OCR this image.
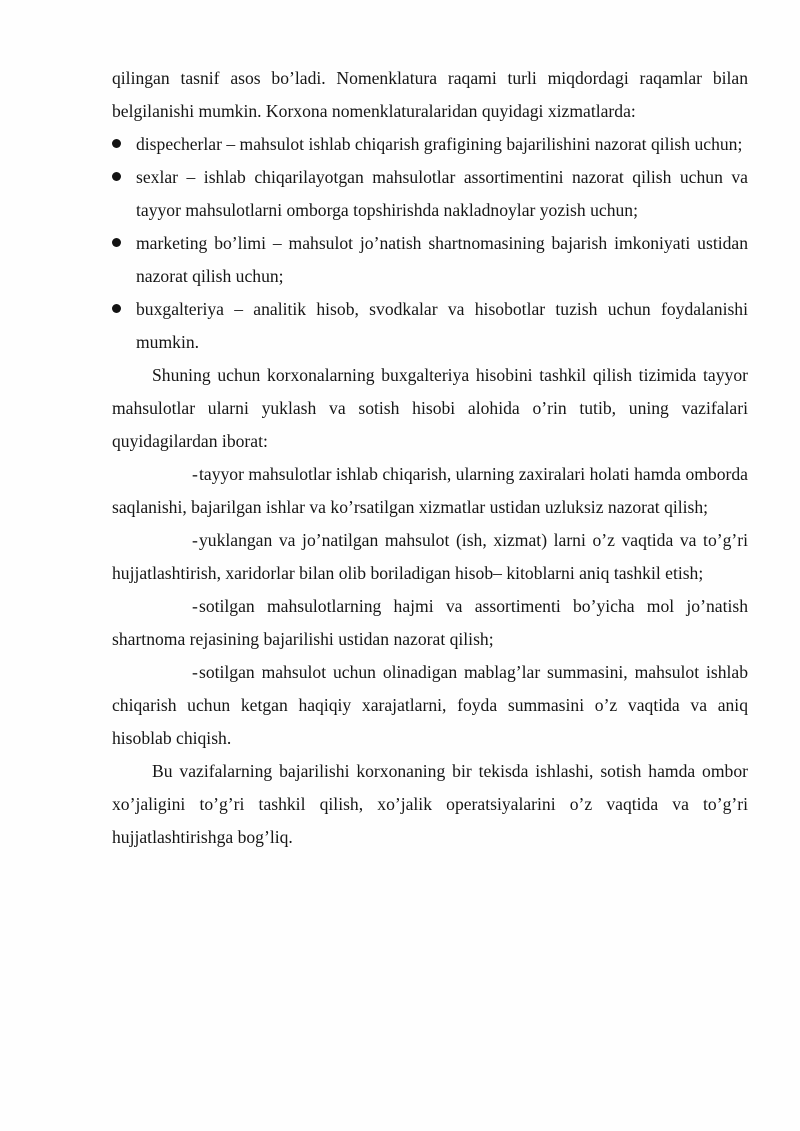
qilingan tasnif asos bo’ladi. Nomenklatura raqami turli miqdordagi raqamlar bilan belgilanishi mumkin. Korxona nomenklaturalaridan quyidagi xizmatlarda:

dispecherlar – mahsulot ishlab chiqarish grafigining bajarilishini nazorat qilish uchun;

sexlar – ishlab chiqarilayotgan mahsulotlar assortimentini nazorat qilish uchun va tayyor mahsulotlarni omborga topshirishda nakladnoylar yozish uchun;

marketing bo’limi – mahsulot jo’natish shartnomasining bajarish imkoniyati ustidan nazorat qilish uchun;

buxgalteriya – analitik hisob, svodkalar va hisobotlar tuzish uchun foydalanishi mumkin.

Shuning uchun korxonalarning buxgalteriya hisobini tashkil qilish tizimida tayyor mahsulotlar ularni yuklash va sotish hisobi alohida o’rin tutib, uning vazifalari quyidagilardan iborat:

-tayyor mahsulotlar ishlab chiqarish, ularning zaxiralari holati hamda omborda saqlanishi, bajarilgan ishlar va ko’rsatilgan xizmatlar ustidan uzluksiz nazorat qilish;

-yuklangan va jo’natilgan mahsulot (ish, xizmat) larni o’z vaqtida va to’g’ri hujjatlashtirish, xaridorlar bilan olib boriladigan hisob– kitoblarni aniq tashkil etish;

-sotilgan mahsulotlarning hajmi va assortimenti bo’yicha mol jo’natish shartnoma rejasining bajarilishi ustidan nazorat qilish;

-sotilgan mahsulot uchun olinadigan mablag’lar summasini, mahsulot ishlab chiqarish uchun ketgan haqiqiy xarajatlarni, foyda summasini o’z vaqtida va aniq hisoblab chiqish.

Bu vazifalarning bajarilishi korxonaning bir tekisda ishlashi, sotish hamda ombor xo’jaligini to’g’ri tashkil qilish, xo’jalik operatsiyalarini o’z vaqtida va to’g’ri hujjatlashtirishga bog’liq.
